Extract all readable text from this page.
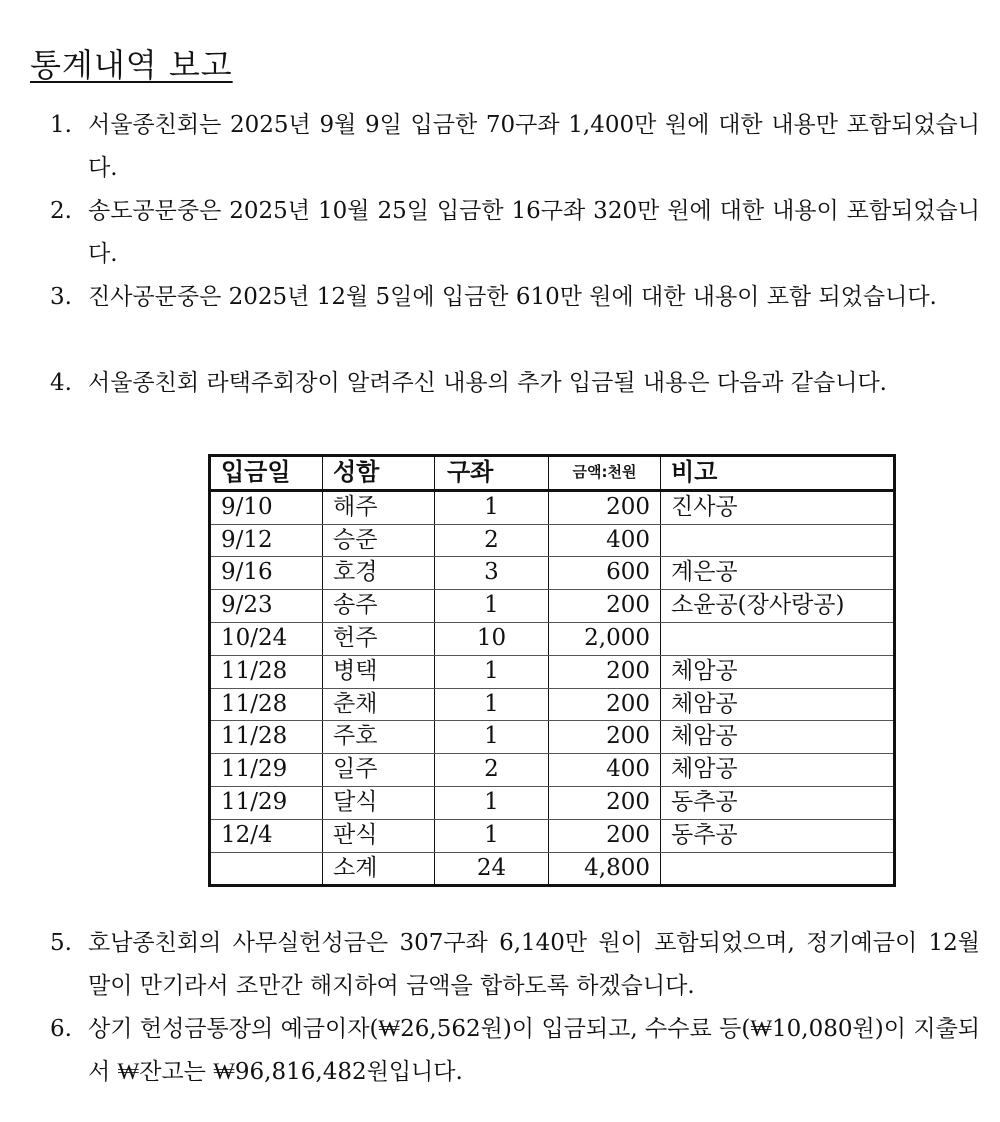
통계내역 보고
1. 서울종친회는 2025년 9월 9일 입금한 70구좌 1,400만 원에 대한 내용만 포함되었습니다.
2. 송도공문중은 2025년 10월 25일 입금한 16구좌 320만 원에 대한 내용이 포함되었습니다.
3. 진사공문중은 2025년 12월 5일에 입금한 610만 원에 대한 내용이 포함 되었습니다.
4. 서울종친회 라택주회장이 알려주신 내용의 추가 입금될 내용은 다음과 같습니다.
입금일	성함	구좌	금액:천원	비고
9/10	해주	1	200	진사공
9/12	승준	2	400	
9/16	호경	3	600	계은공
9/23	송주	1	200	소윤공(장사랑공)
10/24	헌주	10	2,000	
11/28	병택	1	200	체암공
11/28	춘채	1	200	체암공
11/28	주호	1	200	체암공
11/29	일주	2	400	체암공
11/29	달식	1	200	동추공
12/4	판식	1	200	동추공
	소계	24	4,800	
5. 호남종친회의 사무실헌성금은 307구좌 6,140만 원이 포함되었으며, 정기예금이 12월 말이 만기라서 조만간 해지하여 금액을 합하도록 하겠습니다.
6. 상기 헌성금통장의 예금이자(₩26,562원)이 입금되고, 수수료 등(₩10,080원)이 지출되서 ₩잔고는 ₩96,816,482원입니다.
